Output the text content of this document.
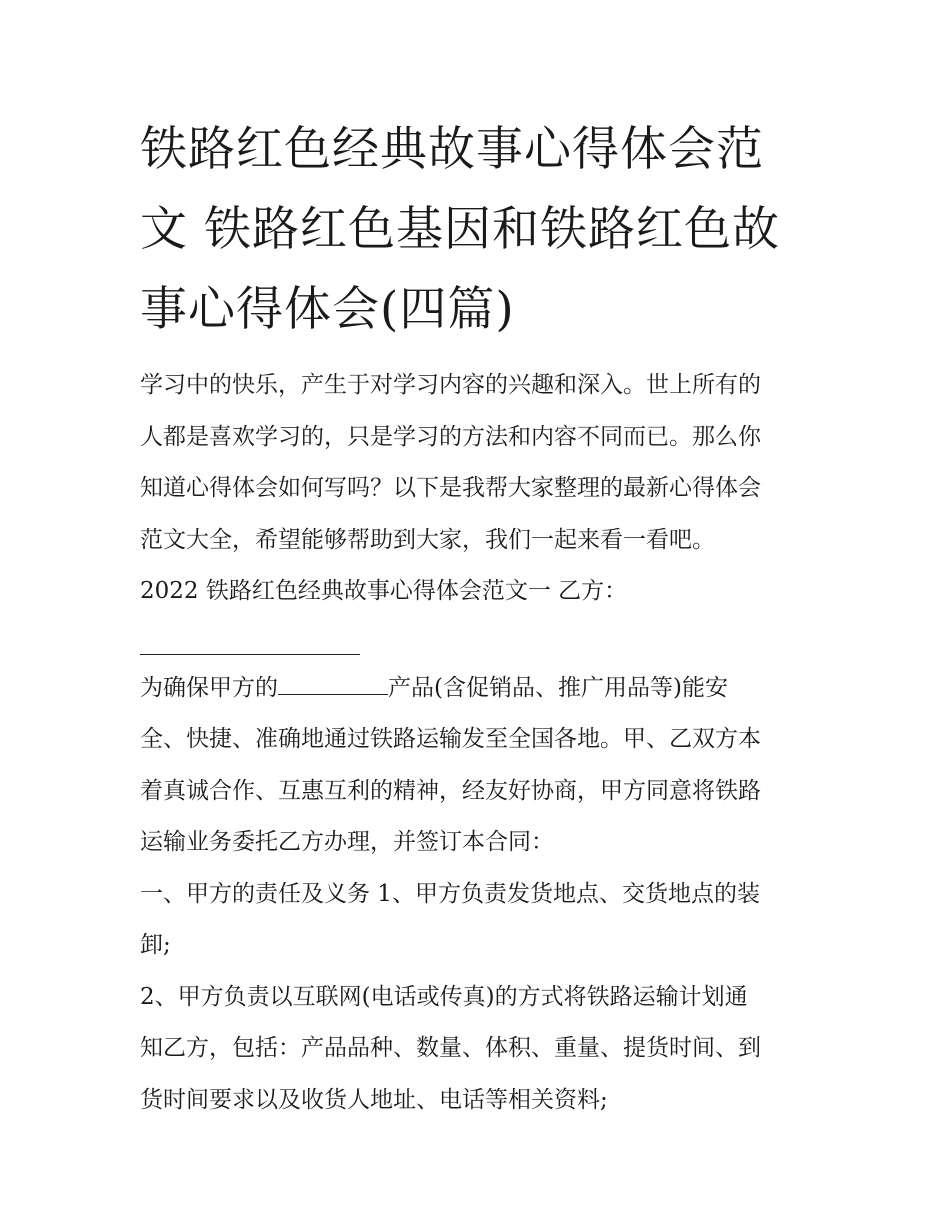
铁路红色经典故事心得体会范
文 铁路红色基因和铁路红色故
事心得体会(四篇)

学习中的快乐，产生于对学习内容的兴趣和深入。世上所有的
人都是喜欢学习的，只是学习的方法和内容不同而已。那么你
知道心得体会如何写吗？以下是我帮大家整理的最新心得体会
范文大全，希望能够帮助到大家，我们一起来看一看吧。

2022 铁路红色经典故事心得体会范文一 乙方：

为确保甲方的	产品(含促销品、推广用品等)能安
全、快捷、准确地通过铁路运输发至全国各地。甲、乙双方本
着真诚合作、互惠互利的精神，经友好协商，甲方同意将铁路
运输业务委托乙方办理，并签订本合同：

一、甲方的责任及义务 1、甲方负责发货地点、交货地点的装
卸;

2、甲方负责以互联网(电话或传真)的方式将铁路运输计划通
知乙方，包括：产品品种、数量、体积、重量、提货时间、到
货时间要求以及收货人地址、电话等相关资料;
